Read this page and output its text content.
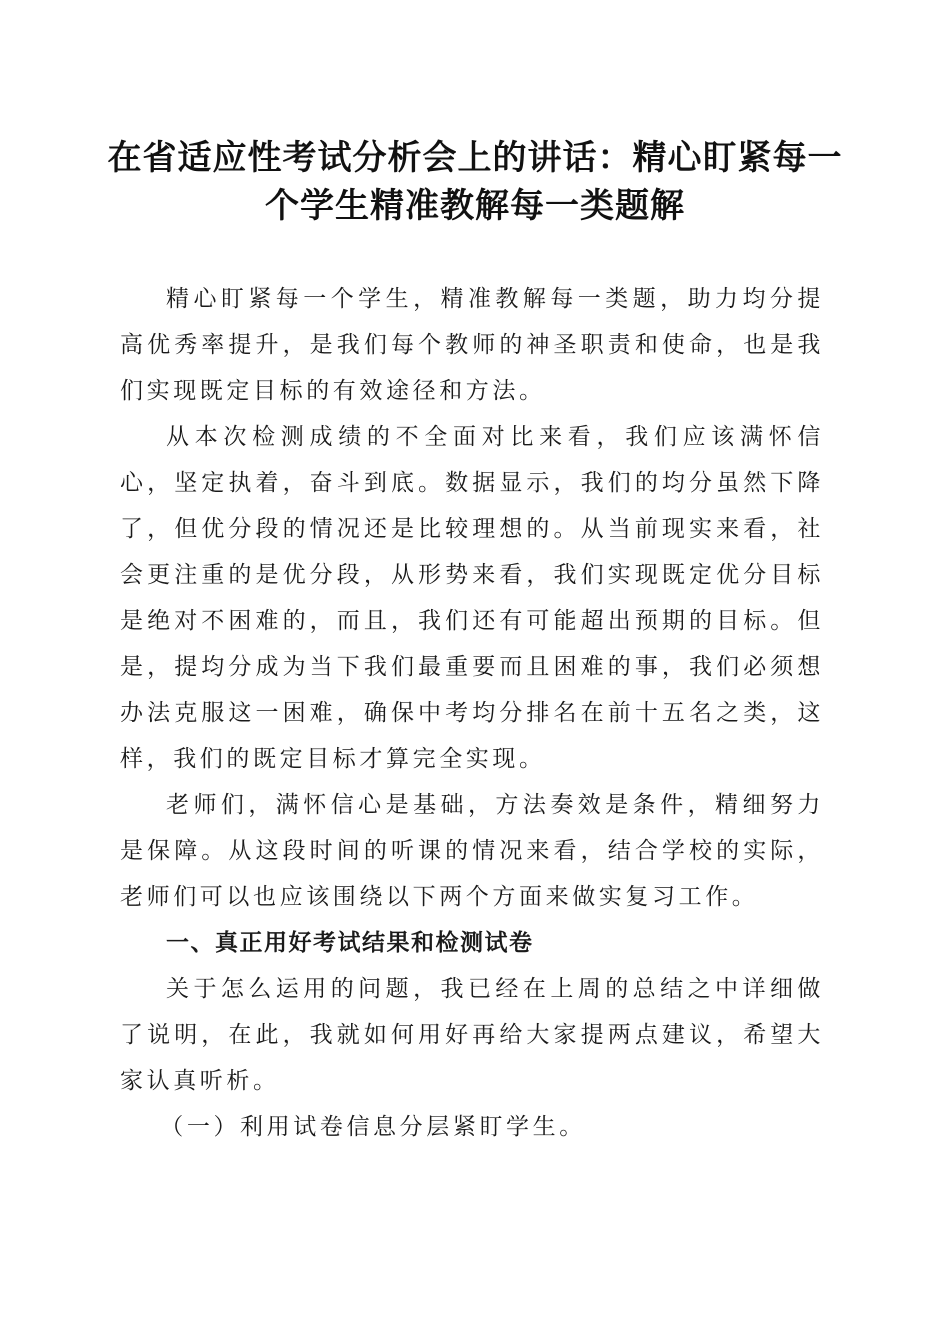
在省适应性考试分析会上的讲话：精心盯紧每一个学生精准教解每一类题解

精心盯紧每一个学生，精准教解每一类题，助力均分提高优秀率提升，是我们每个教师的神圣职责和使命，也是我们实现既定目标的有效途径和方法。

从本次检测成绩的不全面对比来看，我们应该满怀信心，坚定执着，奋斗到底。数据显示，我们的均分虽然下降了，但优分段的情况还是比较理想的。从当前现实来看，社会更注重的是优分段，从形势来看，我们实现既定优分目标是绝对不困难的，而且，我们还有可能超出预期的目标。但是，提均分成为当下我们最重要而且困难的事，我们必须想办法克服这一困难，确保中考均分排名在前十五名之类，这样，我们的既定目标才算完全实现。

老师们，满怀信心是基础，方法奏效是条件，精细努力是保障。从这段时间的听课的情况来看，结合学校的实际，老师们可以也应该围绕以下两个方面来做实复习工作。

一、真正用好考试结果和检测试卷

关于怎么运用的问题，我已经在上周的总结之中详细做了说明，在此，我就如何用好再给大家提两点建议，希望大家认真听析。

（一）利用试卷信息分层紧盯学生。
